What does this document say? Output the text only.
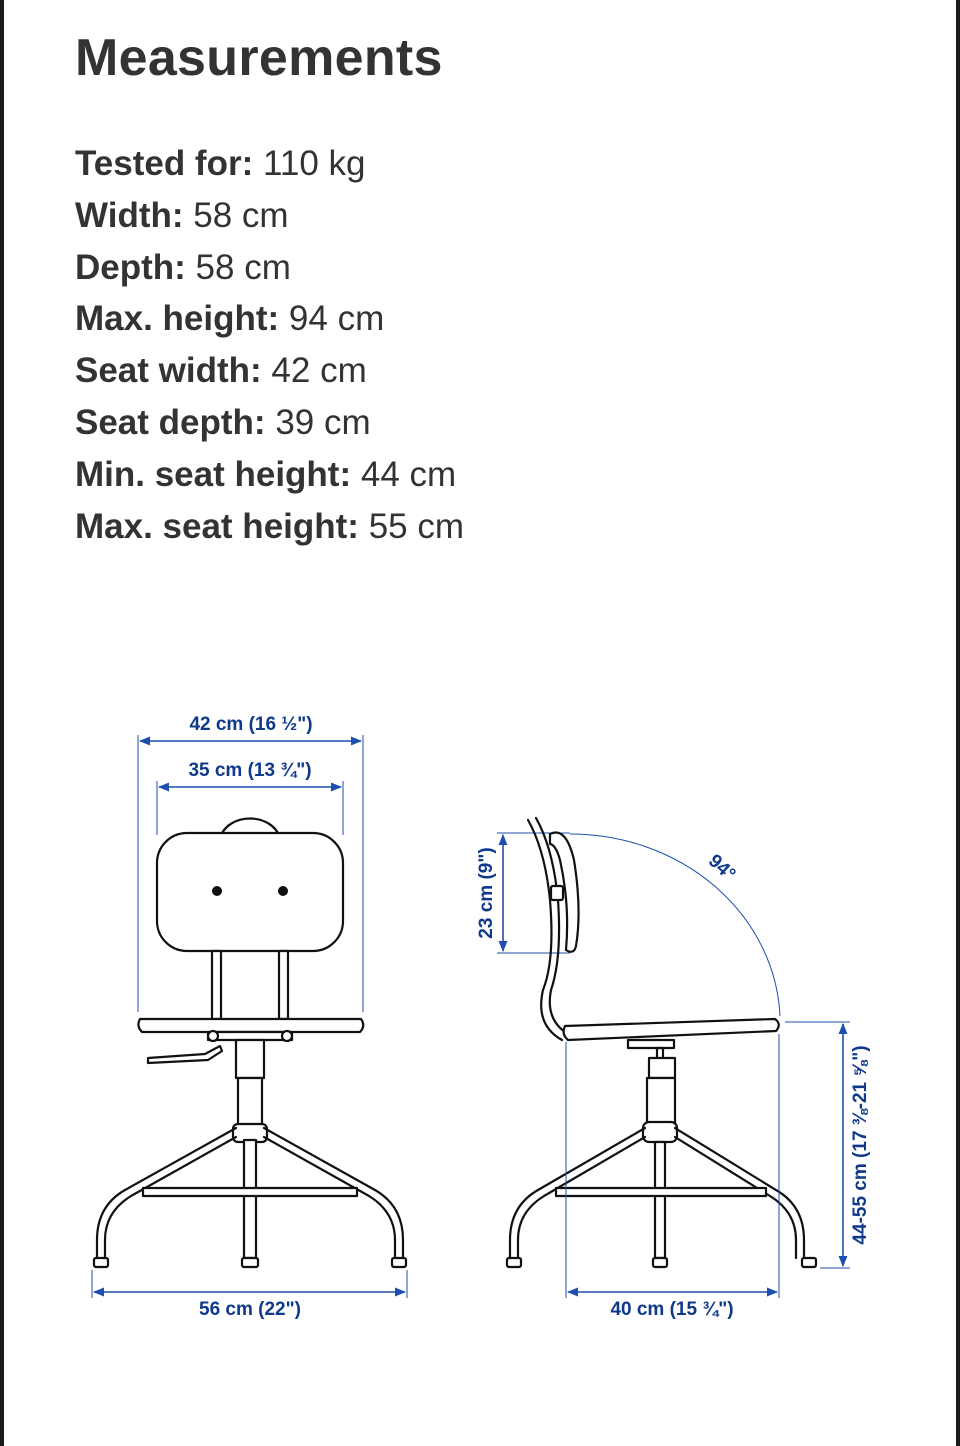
Measurements
Tested for: 110 kg
Width: 58 cm
Depth: 58 cm
Max. height: 94 cm
Seat width: 42 cm
Seat depth: 39 cm
Min. seat height: 44 cm
Max. seat height: 55 cm
42 cm (16 ½")
35 cm (13 ¾")
56 cm (22")
23 cm (9")	94°
40 cm (15 ¾")
44-55 cm (17 ⅜-21 ⅝")
